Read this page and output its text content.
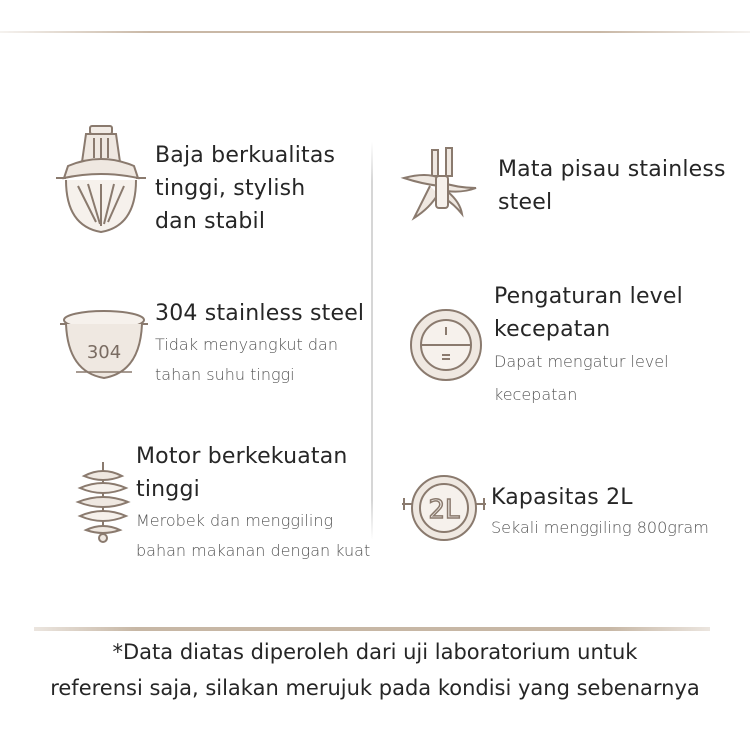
Baja berkualitas
tinggi, stylish
dan stabil
Mata pisau stainless
steel
304
304 stainless steel
Tidak menyangkut dan
tahan suhu tinggi
Pengaturan level
kecepatan
Dapat mengatur level
kecepatan
Motor berkekuatan
tinggi
Merobek dan menggiling
bahan makanan dengan kuat
2L Kapasitas 2L
Sekali menggiling 800gram
*Data diatas diperoleh dari uji laboratorium untuk
referensi saja, silakan merujuk pada kondisi yang sebenarnya
